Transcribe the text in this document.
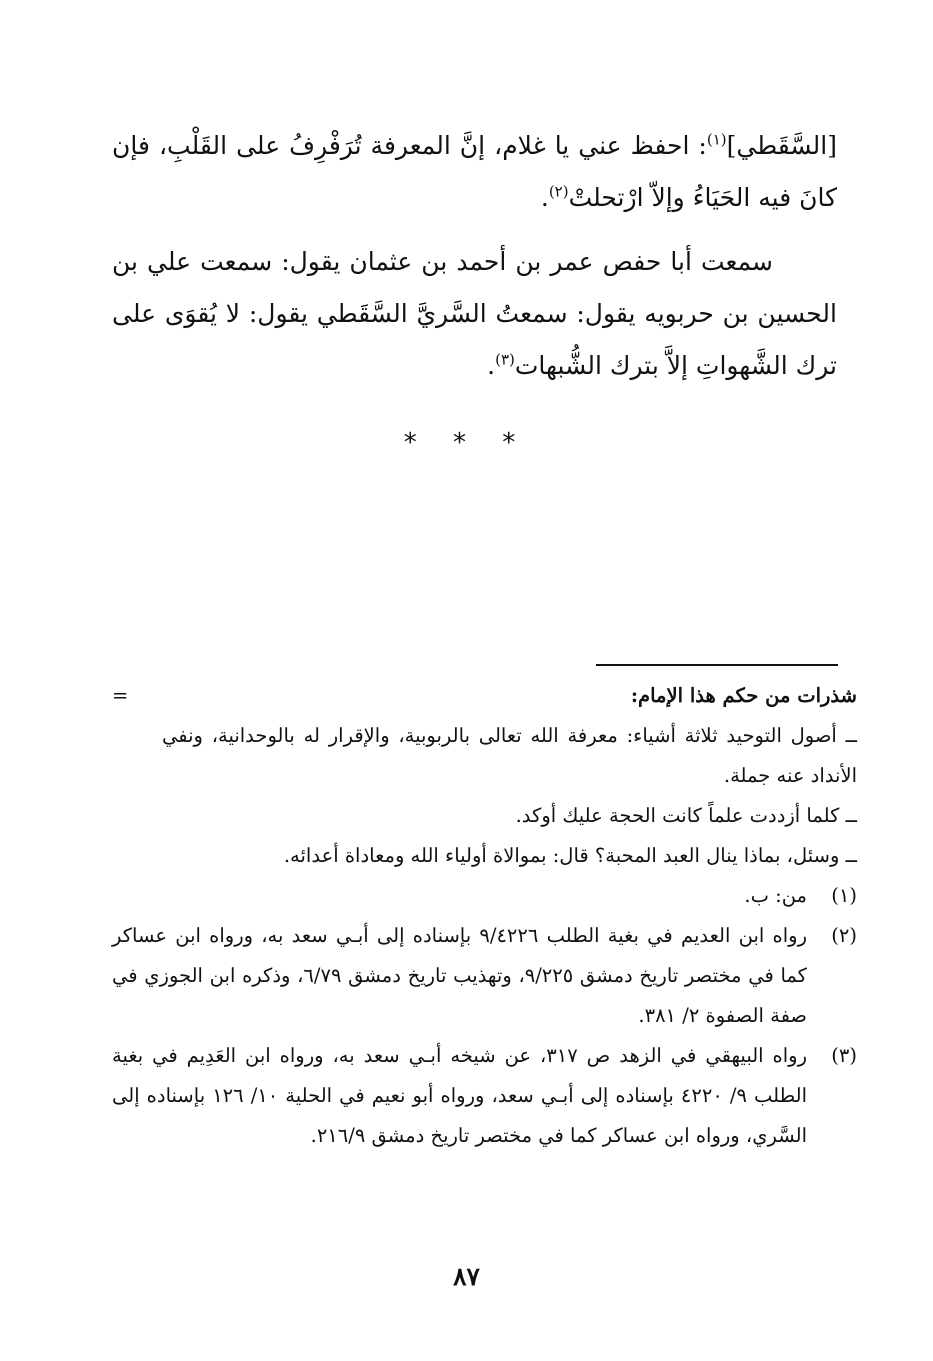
[السَّقَطي]$^{(١)}$: احفظ عني يا غلام، إنَّ المعرفة تُرَفْرِفُ على القَلْبِ، فإن كانَ فيه الحَيَاءُ وإلاّ ارْتحلتْ$^{(٢)}$.

سمعت أبا حفص عمر بن أحمد بن عثمان يقول: سمعت علي بن الحسين بن حربويه يقول: سمعتُ السَّريَّ السَّقَطي يقول: لا يُقوَى على ترك الشَّهواتِ إلاَّ بترك الشُّبهات$^{(٣)}$.

* * *
شذرات من حكم هذا الإمام:
=
ــ أصول التوحيد ثلاثة أشياء: معرفة الله تعالى بالربوبية، والإقرار له بالوحدانية، ونفي الأنداد عنه جملة.
ــ كلما أزددت علماً كانت الحجة عليك أوكد.
ــ وسئل، بماذا ينال العبد المحبة؟ قال: بموالاة أولياء الله ومعاداة أعدائه.
(١)
من: ب.
(٢)
رواه ابن العديم في بغية الطلب ٩/٤٢٢٦ بإسناده إلى أبـي سعد به، ورواه ابن عساكر كما في مختصر تاريخ دمشق ٩/٢٢٥، وتهذيب تاريخ دمشق ٦/٧٩، وذكره ابن الجوزي في صفة الصفوة ٢/ ٣٨١.
(٣)
رواه البيهقي في الزهد ص ٣١٧، عن شيخه أبـي سعد به، ورواه ابن العَدِيم في بغية الطلب ٩/ ٤٢٢٠ بإسناده إلى أبـي سعد، ورواه أبو نعيم في الحلية ١٠/ ١٢٦ بإسناده إلى السَّري، ورواه ابن عساكر كما في مختصر تاريخ دمشق ٢١٦/٩.
٨٧
